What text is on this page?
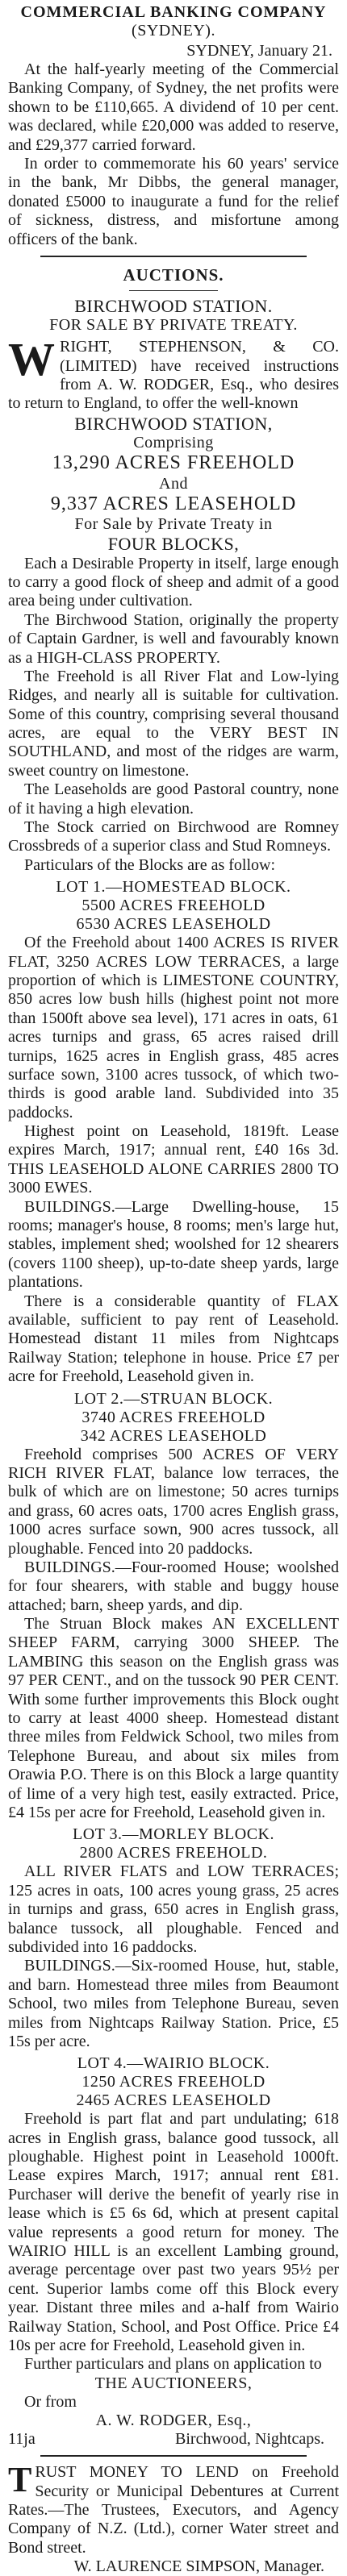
COMMERCIAL BANKING COMPANY
(SYDNEY).
SYDNEY, January 21.

At the half-yearly meeting of the Commercial Banking Company, of Sydney, the net profits were shown to be £110,665. A dividend of 10 per cent. was declared, while £20,000 was added to reserve, and £29,377 carried forward.

In order to commemorate his 60 years' service in the bank, Mr Dibbs, the general manager, donated £5000 to inaugurate a fund for the relief of sickness, distress, and misfortune among officers of the bank.

AUCTIONS.
BIRCHWOOD STATION.
FOR SALE BY PRIVATE TREATY.

WRIGHT, STEPHENSON, & CO. (LIMITED) have received instructions from A. W. RODGER, Esq., who desires to return to England, to offer the well-known

BIRCHWOOD STATION,
Comprising
13,290 ACRES FREEHOLD
And
9,337 ACRES LEASEHOLD
For Sale by Private Treaty in
FOUR BLOCKS,

Each a Desirable Property in itself, large enough to carry a good flock of sheep and admit of a good area being under cultivation.

The Birchwood Station, originally the property of Captain Gardner, is well and favourably known as a HIGH-CLASS PROPERTY.

The Freehold is all River Flat and Low-lying Ridges, and nearly all is suitable for cultivation. Some of this country, comprising several thousand acres, are equal to the VERY BEST IN SOUTHLAND, and most of the ridges are warm, sweet country on limestone.

The Leaseholds are good Pastoral country, none of it having a high elevation.

The Stock carried on Birchwood are Romney Crossbreds of a superior class and Stud Romneys.

Particulars of the Blocks are as follow:

LOT 1.—HOMESTEAD BLOCK.
5500 ACRES FREEHOLD
6530 ACRES LEASEHOLD

Of the Freehold about 1400 ACRES IS RIVER FLAT, 3250 ACRES LOW TERRACES, a large proportion of which is LIMESTONE COUNTRY, 850 acres low bush hills (highest point not more than 1500ft above sea level), 171 acres in oats, 61 acres turnips and grass, 65 acres raised drill turnips, 1625 acres in English grass, 485 acres surface sown, 3100 acres tussock, of which two-thirds is good arable land. Subdivided into 35 paddocks.

Highest point on Leasehold, 1819ft. Lease expires March, 1917; annual rent, £40 16s 3d. THIS LEASEHOLD ALONE CARRIES 2800 TO 3000 EWES.

BUILDINGS.—Large Dwelling-house, 15 rooms; manager's house, 8 rooms; men's large hut, stables, implement shed; woolshed for 12 shearers (covers 1100 sheep), up-to-date sheep yards, large plantations.

There is a considerable quantity of FLAX available, sufficient to pay rent of Leasehold. Homestead distant 11 miles from Nightcaps Railway Station; telephone in house. Price £7 per acre for Freehold, Leasehold given in.

LOT 2.—STRUAN BLOCK.
3740 ACRES FREEHOLD
342 ACRES LEASEHOLD

Freehold comprises 500 ACRES OF VERY RICH RIVER FLAT, balance low terraces, the bulk of which are on limestone; 50 acres turnips and grass, 60 acres oats, 1700 acres English grass, 1000 acres surface sown, 900 acres tussock, all ploughable. Fenced into 20 paddocks.

BUILDINGS.—Four-roomed House; woolshed for four shearers, with stable and buggy house attached; barn, sheep yards, and dip.

The Struan Block makes AN EXCELLENT SHEEP FARM, carrying 3000 SHEEP. The LAMBING this season on the English grass was 97 PER CENT., and on the tussock 90 PER CENT. With some further improvements this Block ought to carry at least 4000 sheep. Homestead distant three miles from Feldwick School, two miles from Telephone Bureau, and about six miles from Orawia P.O. There is on this Block a large quantity of lime of a very high test, easily extracted. Price, £4 15s per acre for Freehold, Leasehold given in.

LOT 3.—MORLEY BLOCK.
2800 ACRES FREEHOLD.

ALL RIVER FLATS and LOW TERRACES; 125 acres in oats, 100 acres young grass, 25 acres in turnips and grass, 650 acres in English grass, balance tussock, all ploughable. Fenced and subdivided into 16 paddocks.

BUILDINGS.—Six-roomed House, hut, stable, and barn. Homestead three miles from Beaumont School, two miles from Telephone Bureau, seven miles from Nightcaps Railway Station. Price, £5 15s per acre.

LOT 4.—WAIRIO BLOCK.
1250 ACRES FREEHOLD
2465 ACRES LEASEHOLD

Freehold is part flat and part undulating; 618 acres in English grass, balance good tussock, all ploughable. Highest point in Leasehold 1000ft. Lease expires March, 1917; annual rent £81. Purchaser will derive the benefit of yearly rise in lease which is £5 6s 6d, which at present capital value represents a good return for money. The WAIRIO HILL is an excellent Lambing ground, average percentage over past two years 95½ per cent. Superior lambs come off this Block every year. Distant three miles and a-half from Wairio Railway Station, School, and Post Office. Price £4 10s per acre for Freehold, Leasehold given in.

Further particulars and plans on application to

THE AUCTIONEERS,

Or from

A. W. RODGER, Esq.,
11ja	Birchwood, Nightcaps.

TRUST MONEY TO LEND on Freehold Security or Municipal Debentures at Current Rates.—The Trustees, Executors, and Agency Company of N.Z. (Ltd.), corner Water street and Bond street.

W. LAURENCE SIMPSON, Manager.
